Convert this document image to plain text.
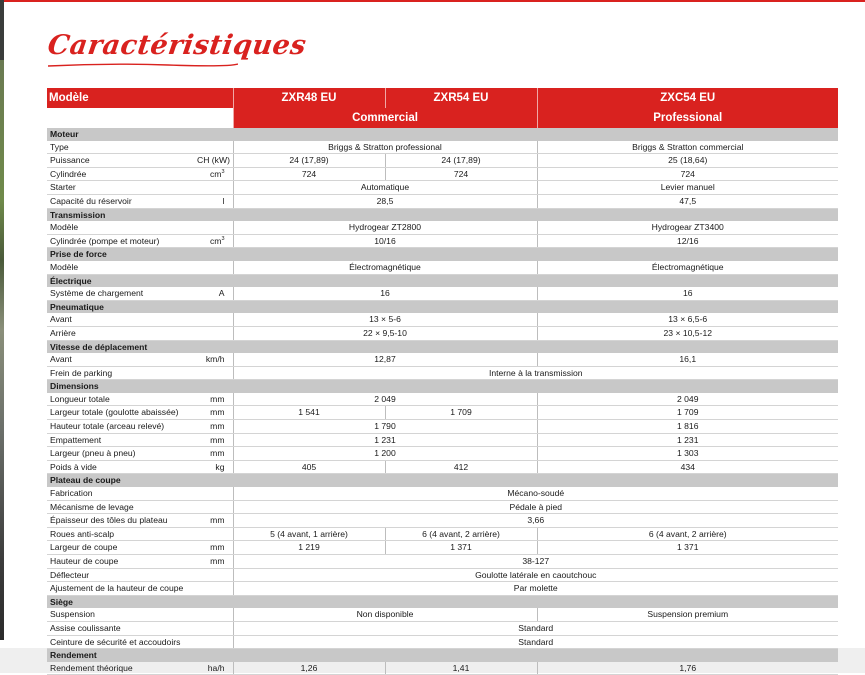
Caractéristiques
Modèle		ZXR48 EU	ZXR54 EU	ZXC54 EU
		Commercial		Professional
Moteur				
Type		Briggs & Stratton professional		Briggs & Stratton commercial
Puissance	CH (kW)	24 (17,89)	24 (17,89)	25 (18,64)
Cylindrée	$cm^3$	724	724	724
Starter		Automatique		Levier manuel
Capacité du réservoir	l	28,5		47,5
Transmission				
Modèle		Hydrogear ZT2800		Hydrogear ZT3400
Cylindrée (pompe et moteur)	$cm^3$	10/16		12/16
Prise de force				
Modèle		Électromagnétique		Électromagnétique
Électrique				
Système de chargement	A	16		16
Pneumatique				
Avant		13 × 5-6		13 × 6,5-6
Arrière		22 × 9,5-10		23 × 10,5-12
Vitesse de déplacement				
Avant	km/h	12,87		16,1
Frein de parking		Interne à la transmission		
Dimensions				
Longueur totale	mm	2 049		2 049
Largeur totale (goulotte abaissée)	mm	1 541	1 709	1 709
Hauteur totale (arceau relevé)	mm	1 790		1 816
Empattement	mm	1 231		1 231
Largeur (pneu à pneu)	mm	1 200		1 303
Poids à vide	kg	405	412	434
Plateau de coupe				
Fabrication		Mécano-soudé		
Mécanisme de levage		Pédale à pied		
Épaisseur des tôles du plateau	mm	3,66		
Roues anti-scalp		5 (4 avant, 1 arrière)	6 (4 avant, 2 arrière)	6 (4 avant, 2 arrière)
Largeur de coupe	mm	1 219	1 371	1 371
Hauteur de coupe	mm	38-127		
Déflecteur		Goulotte latérale en caoutchouc		
Ajustement de la hauteur de coupe		Par molette		
Siège				
Suspension		Non disponible		Suspension premium
Assise coulissante		Standard		
Ceinture de sécurité et accoudoirs		Standard		
Rendement				
Rendement théorique	ha/h	1,26	1,41	1,76
